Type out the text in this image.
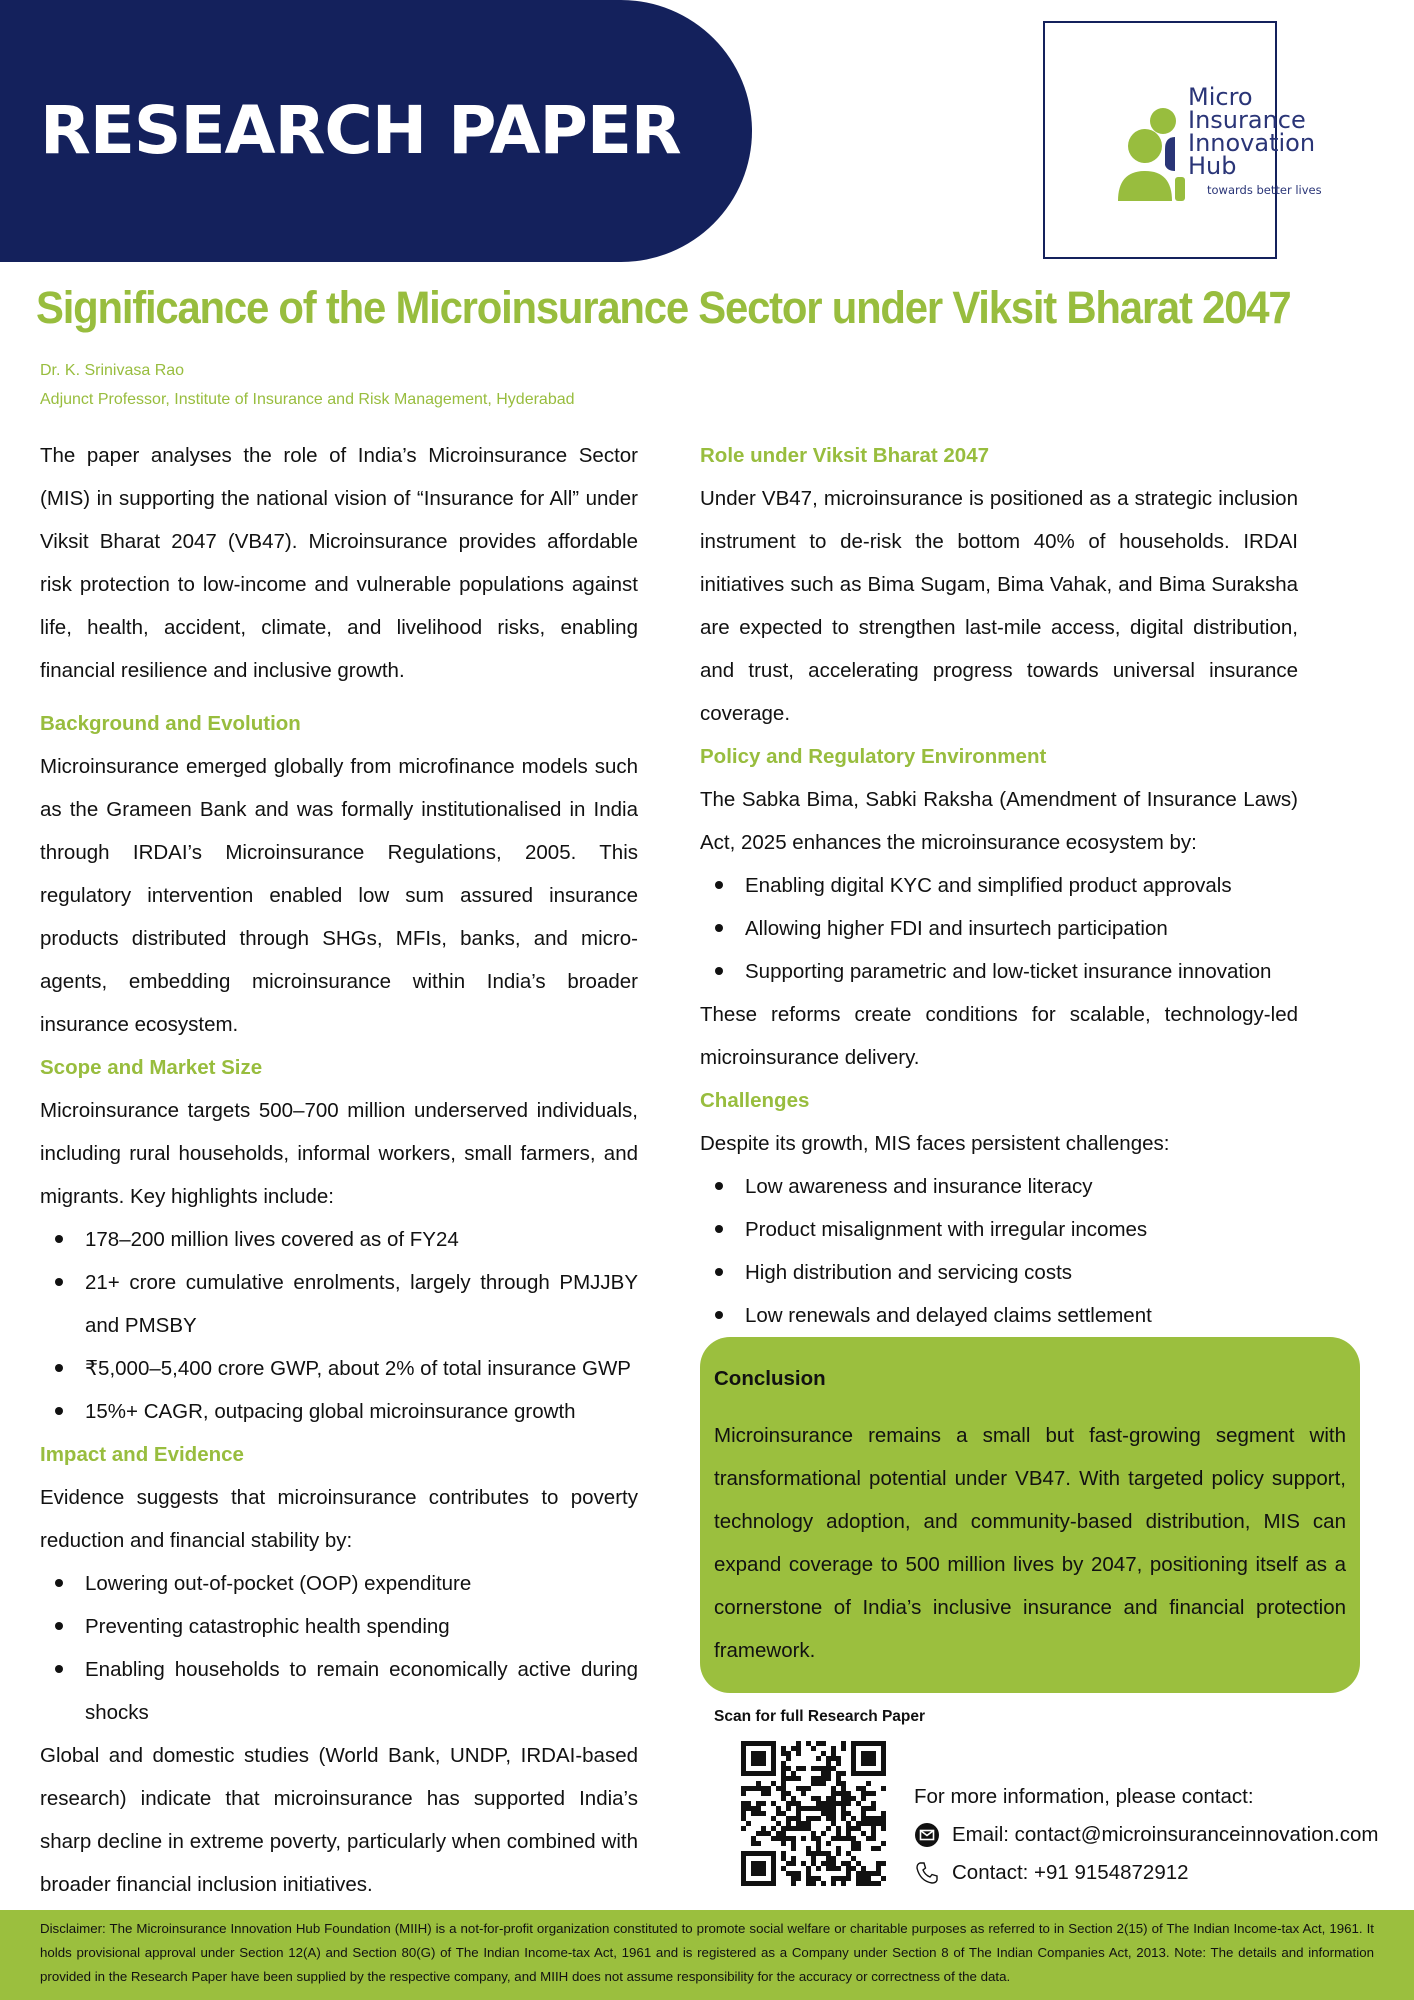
RESEARCH PAPER	Micro
Insurance
Innovation
Hub
towards better lives
Significance of the Microinsurance Sector under Viksit Bharat 2047
Dr. K. Srinivasa Rao
Adjunct Professor, Institute of Insurance and Risk Management, Hyderabad

The paper analyses the role of India’s Microinsurance Sector (MIS) in supporting the national vision of “Insurance for All” under Viksit Bharat 2047 (VB47). Microinsurance provides affordable risk protection to low-income and vulnerable populations against life, health, accident, climate, and livelihood risks, enabling financial resilience and inclusive growth.

Background and Evolution

Microinsurance emerged globally from microfinance models such as the Grameen Bank and was formally institutionalised in India through IRDAI’s Microinsurance Regulations, 2005. This regulatory intervention enabled low sum assured insurance products distributed through SHGs, MFIs, banks, and micro-agents, embedding microinsurance within India’s broader insurance ecosystem.

Scope and Market Size

Microinsurance targets 500–700 million underserved individuals, including rural households, informal workers, small farmers, and migrants. Key highlights include:

178–200 million lives covered as of FY24
21+ crore cumulative enrolments, largely through PMJJBY and PMSBY
₹5,000–5,400 crore GWP, about 2% of total insurance GWP
15%+ CAGR, outpacing global microinsurance growth
Impact and Evidence

Evidence suggests that microinsurance contributes to poverty reduction and financial stability by:

Lowering out-of-pocket (OOP) expenditure
Preventing catastrophic health spending
Enabling households to remain economically active during shocks

Global and domestic studies (World Bank, UNDP, IRDAI-based research) indicate that microinsurance has supported India’s sharp decline in extreme poverty, particularly when combined with broader financial inclusion initiatives.

Role under Viksit Bharat 2047

Under VB47, microinsurance is positioned as a strategic inclusion instrument to de-risk the bottom 40% of households. IRDAI initiatives such as Bima Sugam, Bima Vahak, and Bima Suraksha are expected to strengthen last-mile access, digital distribution, and trust, accelerating progress towards universal insurance coverage.

Policy and Regulatory Environment

The Sabka Bima, Sabki Raksha (Amendment of Insurance Laws) Act, 2025 enhances the microinsurance ecosystem by:

Enabling digital KYC and simplified product approvals
Allowing higher FDI and insurtech participation
Supporting parametric and low-ticket insurance innovation

These reforms create conditions for scalable, technology-led microinsurance delivery.

Challenges

Despite its growth, MIS faces persistent challenges:

Low awareness and insurance literacy
Product misalignment with irregular incomes
High distribution and servicing costs
Low renewals and delayed claims settlement
Conclusion

Microinsurance remains a small but fast-growing segment with transformational potential under VB47. With targeted policy support, technology adoption, and community-based distribution, MIS can expand coverage to 500 million lives by 2047, positioning itself as a cornerstone of India’s inclusive insurance and financial protection framework.

Scan for full Research Paper
For more information, please contact:
Email: contact@microinsuranceinnovation.com
Contact: +91 9154872912

Disclaimer: The Microinsurance Innovation Hub Foundation (MIIH) is a not-for-profit organization constituted to promote social welfare or charitable purposes as referred to in Section 2(15) of The Indian Income-tax Act, 1961. It holds provisional approval under Section 12(A) and Section 80(G) of The Indian Income-tax Act, 1961 and is registered as a Company under Section 8 of The Indian Companies Act, 2013. Note: The details and information provided in the Research Paper have been supplied by the respective company, and MIIH does not assume responsibility for the accuracy or correctness of the data.
